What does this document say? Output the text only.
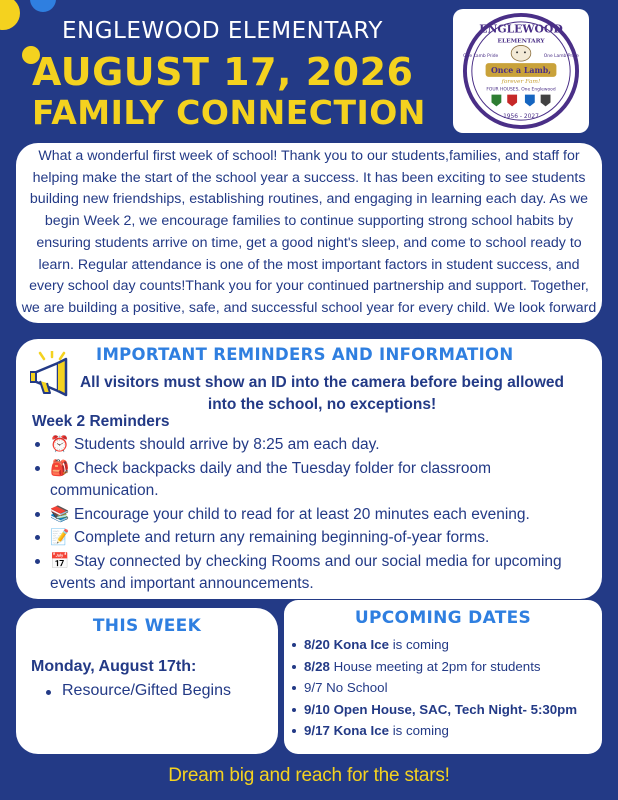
ENGLEWOOD ELEMENTARY
AUGUST 17, 2026
FAMILY CONNECTION
ENGLEWOOD
ELEMENTARY
One Lamb Pride	One Lamb Pride
Once a Lamb,
forever Fam!
FOUR HOUSES, One Englewood
1956 - 2027

What a wonderful first week of school! Thank you to our students,families, and staff for helping make the start of the school year a success. It has been exciting to see students building new friendships, establishing routines, and engaging in learning each day. As we begin Week 2, we encourage families to continue supporting strong school habits by ensuring students arrive on time, get a good night's sleep, and come to school ready to learn. Regular attendance is one of the most important factors in student success, and every school day counts!Thank you for your continued partnership and support. Together, we are building a positive, safe, and successful school year for every child. We look forward to another fantastic week of learning!

IMPORTANT REMINDERS AND INFORMATION
All visitors must show an ID into the camera before being allowed into the school, no exceptions!
Week 2 Reminders
⏰ Students should arrive by 8:25 am each day.
🎒 Check backpacks daily and the Tuesday folder for classroom communication.
📚 Encourage your child to read for at least 20 minutes each evening.
📝 Complete and return any remaining beginning-of-year forms.
📅 Stay connected by checking Rooms and our social media for upcoming events and important announcements.
THIS WEEK
Monday, August 17th:
Resource/Gifted Begins
UPCOMING DATES
8/20 Kona Ice is coming
8/28 House meeting at 2pm for students
9/7 No School
9/10 Open House, SAC, Tech Night- 5:30pm
9/17 Kona Ice is coming
Dream big and reach for the stars!
